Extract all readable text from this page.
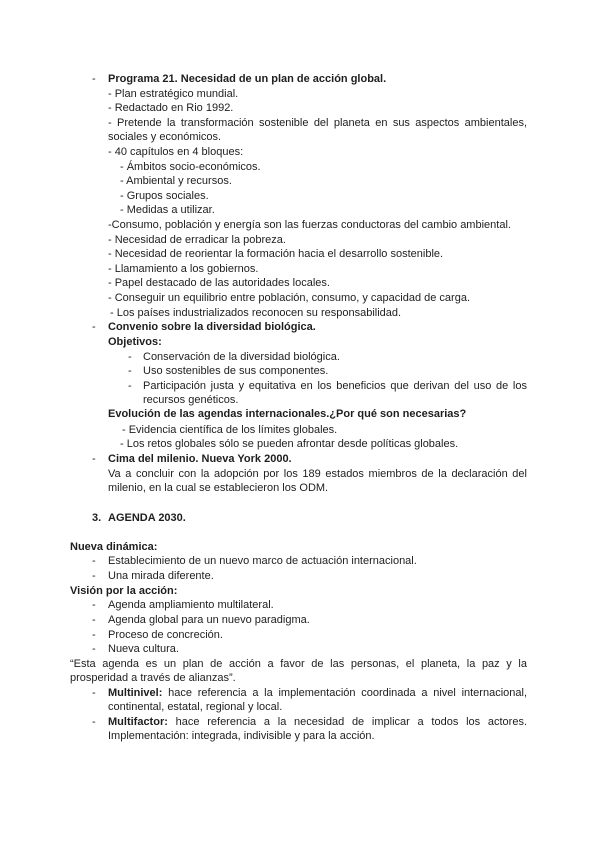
- Programa 21. Necesidad de un plan de acción global.
- Plan estratégico mundial.
- Redactado en Rio 1992.
- Pretende la transformación sostenible del planeta en sus aspectos ambientales,
sociales y económicos.
- 40 capítulos en 4 bloques:
- Ámbitos socio-económicos.
- Ambiental y recursos.
- Grupos sociales.
- Medidas a utilizar.
-Consumo, población y energía son las fuerzas conductoras del cambio ambiental.
- Necesidad de erradicar la pobreza.
- Necesidad de reorientar la formación hacia el desarrollo sostenible.
- Llamamiento a los gobiernos.
- Papel destacado de las autoridades locales.
- Conseguir un equilibrio entre población, consumo, y capacidad de carga.
- Los países industrializados reconocen su responsabilidad.
- Convenio sobre la diversidad biológica.
Objetivos:
- Conservación de la diversidad biológica.
- Uso sostenibles de sus componentes.
- Participación justa y equitativa en los beneficios que derivan del uso de los
recursos genéticos.
Evolución de las agendas internacionales.¿Por qué son necesarias?
- Evidencia científica de los límites globales.
- Los retos globales sólo se pueden afrontar desde políticas globales.
- Cima del milenio. Nueva York 2000.
Va a concluir con la adopción por los 189 estados miembros de la declaración del
milenio, en la cual se establecieron los ODM.
3. AGENDA 2030.
Nueva dinámica:
- Establecimiento de un nuevo marco de actuación internacional.
- Una mirada diferente.
Visión por la acción:
- Agenda ampliamiento multilateral.
- Agenda global para un nuevo paradigma.
- Proceso de concreción.
- Nueva cultura.
“Esta agenda es un plan de acción a favor de las personas, el planeta, la paz y la
prosperidad a través de alianzas”.
- Multinivel: hace referencia a la implementación coordinada a nivel internacional,
continental, estatal, regional y local.
- Multifactor: hace referencia a la necesidad de implicar a todos los actores.
Implementación: integrada, indivisible y para la acción.
